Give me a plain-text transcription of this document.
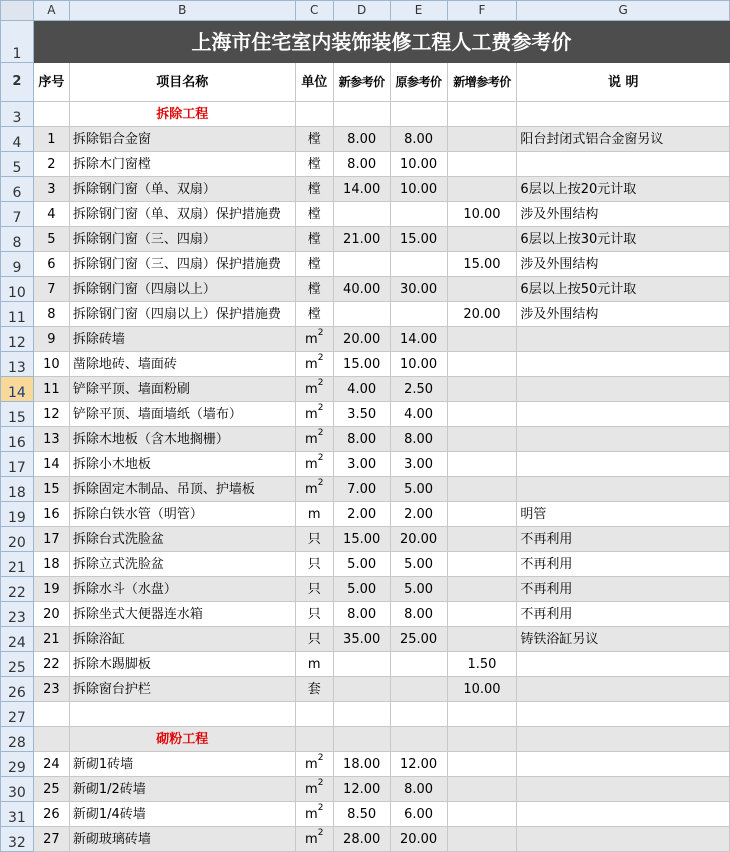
	A	B	C	D	E	F	G
1	上海市住宅室内装饰装修工程人工费参考价						
2	序号	项目名称	单位	新参考价	原参考价	新增参考价	说 明
3		拆除工程					
4	1	拆除铝合金窗	樘	8.00	8.00		阳台封闭式铝合金窗另议
5	2	拆除木门窗樘	樘	8.00	10.00		
6	3	拆除钢门窗（单、双扇）	樘	14.00	10.00		6层以上按20元计取
7	4	拆除钢门窗（单、双扇）保护措施费	樘			10.00	涉及外围结构
8	5	拆除钢门窗（三、四扇）	樘	21.00	15.00		6层以上按30元计取
9	6	拆除钢门窗（三、四扇）保护措施费	樘			15.00	涉及外围结构
10	7	拆除钢门窗（四扇以上）	樘	40.00	30.00		6层以上按50元计取
11	8	拆除钢门窗（四扇以上）保护措施费	樘			20.00	涉及外围结构
12	9	拆除砖墙	$m^2$	20.00	14.00		
13	10	凿除地砖、墙面砖	$m^2$	15.00	10.00		
14	11	铲除平顶、墙面粉刷	$m^2$	4.00	2.50		
15	12	铲除平顶、墙面墙纸（墙布）	$m^2$	3.50	4.00		
16	13	拆除木地板（含木地搁栅）	$m^2$	8.00	8.00		
17	14	拆除小木地板	$m^2$	3.00	3.00		
18	15	拆除固定木制品、吊顶、护墙板	$m^2$	7.00	5.00		
19	16	拆除白铁水管（明管）	m	2.00	2.00		明管
20	17	拆除台式洗脸盆	只	15.00	20.00		不再利用
21	18	拆除立式洗脸盆	只	5.00	5.00		不再利用
22	19	拆除水斗（水盘）	只	5.00	5.00		不再利用
23	20	拆除坐式大便器连水箱	只	8.00	8.00		不再利用
24	21	拆除浴缸	只	35.00	25.00		铸铁浴缸另议
25	22	拆除木踢脚板	m			1.50	
26	23	拆除窗台护栏	套			10.00	
27							
28		砌粉工程					
29	24	新砌1砖墙	$m^2$	18.00	12.00		
30	25	新砌1/2砖墙	$m^2$	12.00	8.00		
31	26	新砌1/4砖墙	$m^2$	8.50	6.00		
32	27	新砌玻璃砖墙	$m^2$	28.00	20.00		
